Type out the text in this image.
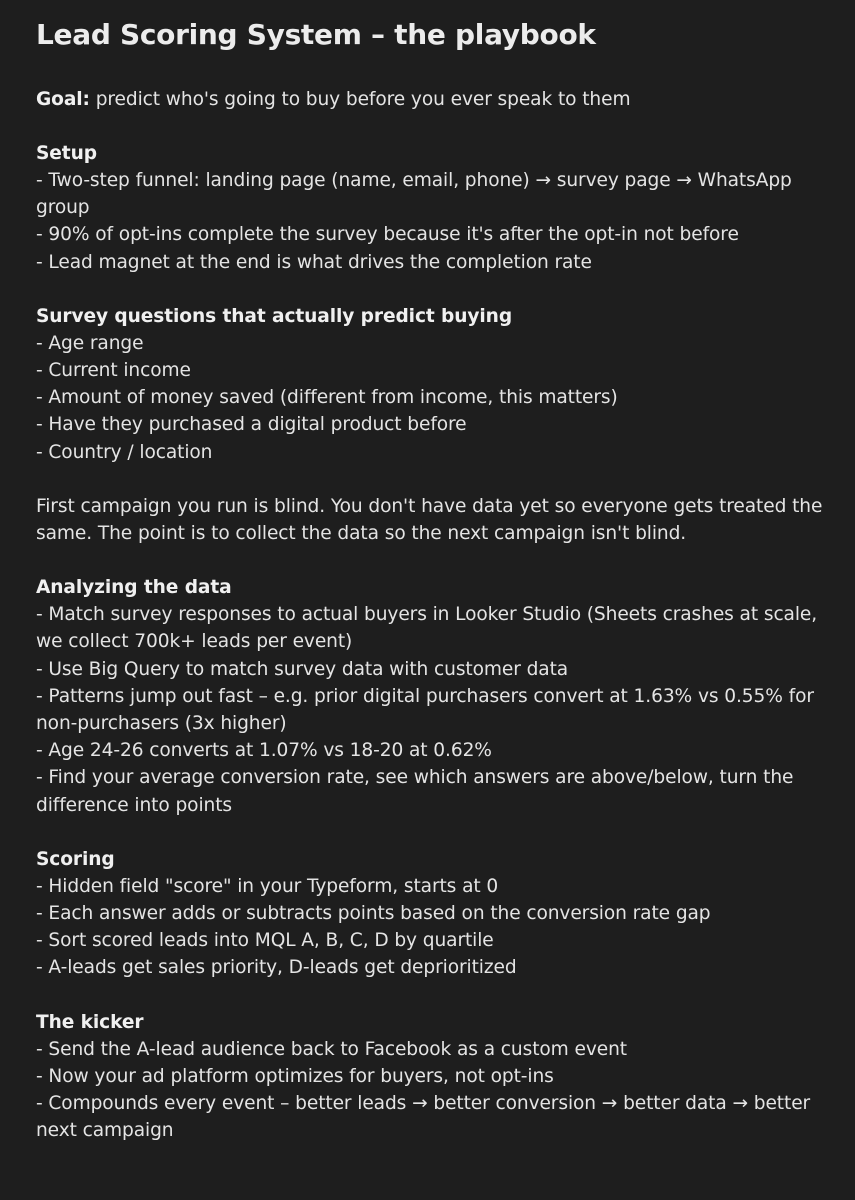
Lead Scoring System – the playbook
Goal: predict who's going to buy before you ever speak to them
Setup
- Two-step funnel: landing page (name, email, phone) → survey page → WhatsApp group
- 90% of opt-ins complete the survey because it's after the opt-in not before
- Lead magnet at the end is what drives the completion rate
Survey questions that actually predict buying
- Age range
- Current income
- Amount of money saved (different from income, this matters)
- Have they purchased a digital product before
- Country / location
First campaign you run is blind. You don't have data yet so everyone gets treated the same. The point is to collect the data so the next campaign isn't blind.
Analyzing the data
- Match survey responses to actual buyers in Looker Studio (Sheets crashes at scale, we collect 700k+ leads per event)
- Use Big Query to match survey data with customer data
- Patterns jump out fast – e.g. prior digital purchasers convert at 1.63% vs 0.55% for non-purchasers (3x higher)
- Age 24-26 converts at 1.07% vs 18-20 at 0.62%
- Find your average conversion rate, see which answers are above/below, turn the difference into points
Scoring
- Hidden field "score" in your Typeform, starts at 0
- Each answer adds or subtracts points based on the conversion rate gap
- Sort scored leads into MQL A, B, C, D by quartile
- A-leads get sales priority, D-leads get deprioritized
The kicker
- Send the A-lead audience back to Facebook as a custom event
- Now your ad platform optimizes for buyers, not opt-ins
- Compounds every event – better leads → better conversion → better data → better next campaign
